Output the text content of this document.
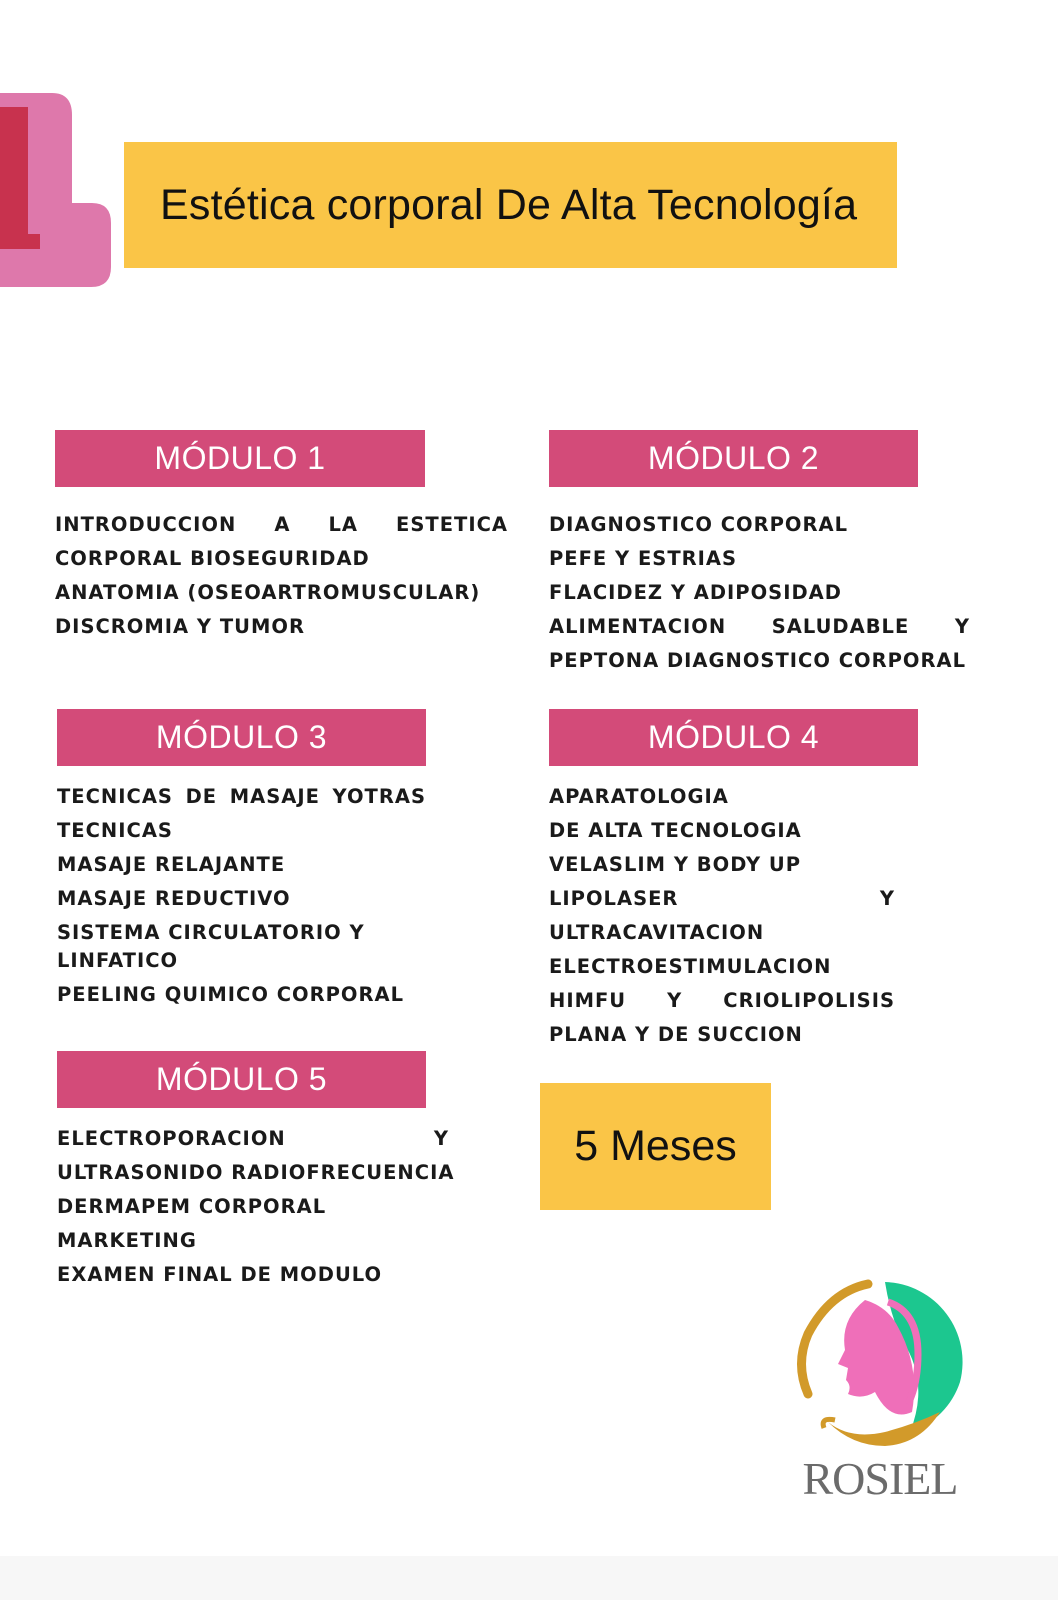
Estética corporal De Alta Tecnología
MÓDULO 1
INTRODUCCION A LA ESTETICA
CORPORAL BIOSEGURIDAD
ANATOMIA (OSEOARTROMUSCULAR)
DISCROMIA Y TUMOR
MÓDULO 2
DIAGNOSTICO CORPORAL
PEFE Y ESTRIAS
FLACIDEZ Y ADIPOSIDAD
ALIMENTACION SALUDABLE Y
PEPTONA DIAGNOSTICO CORPORAL
MÓDULO 3
TECNICAS DE MASAJE YOTRAS
TECNICAS
MASAJE RELAJANTE
MASAJE REDUCTIVO
SISTEMA CIRCULATORIO Y
LINFATICO
PEELING QUIMICO CORPORAL
MÓDULO 4
APARATOLOGIA
DE ALTA TECNOLOGIA
VELASLIM Y BODY UP
LIPOLASER	Y
ULTRACAVITACION
ELECTROESTIMULACION
HIMFU Y CRIOLIPOLISIS
PLANA Y DE SUCCION
MÓDULO 5
ELECTROPORACION	Y
ULTRASONIDO RADIOFRECUENCIA
DERMAPEM CORPORAL
MARKETING
EXAMEN FINAL DE MODULO
5 Meses
ROSIEL
